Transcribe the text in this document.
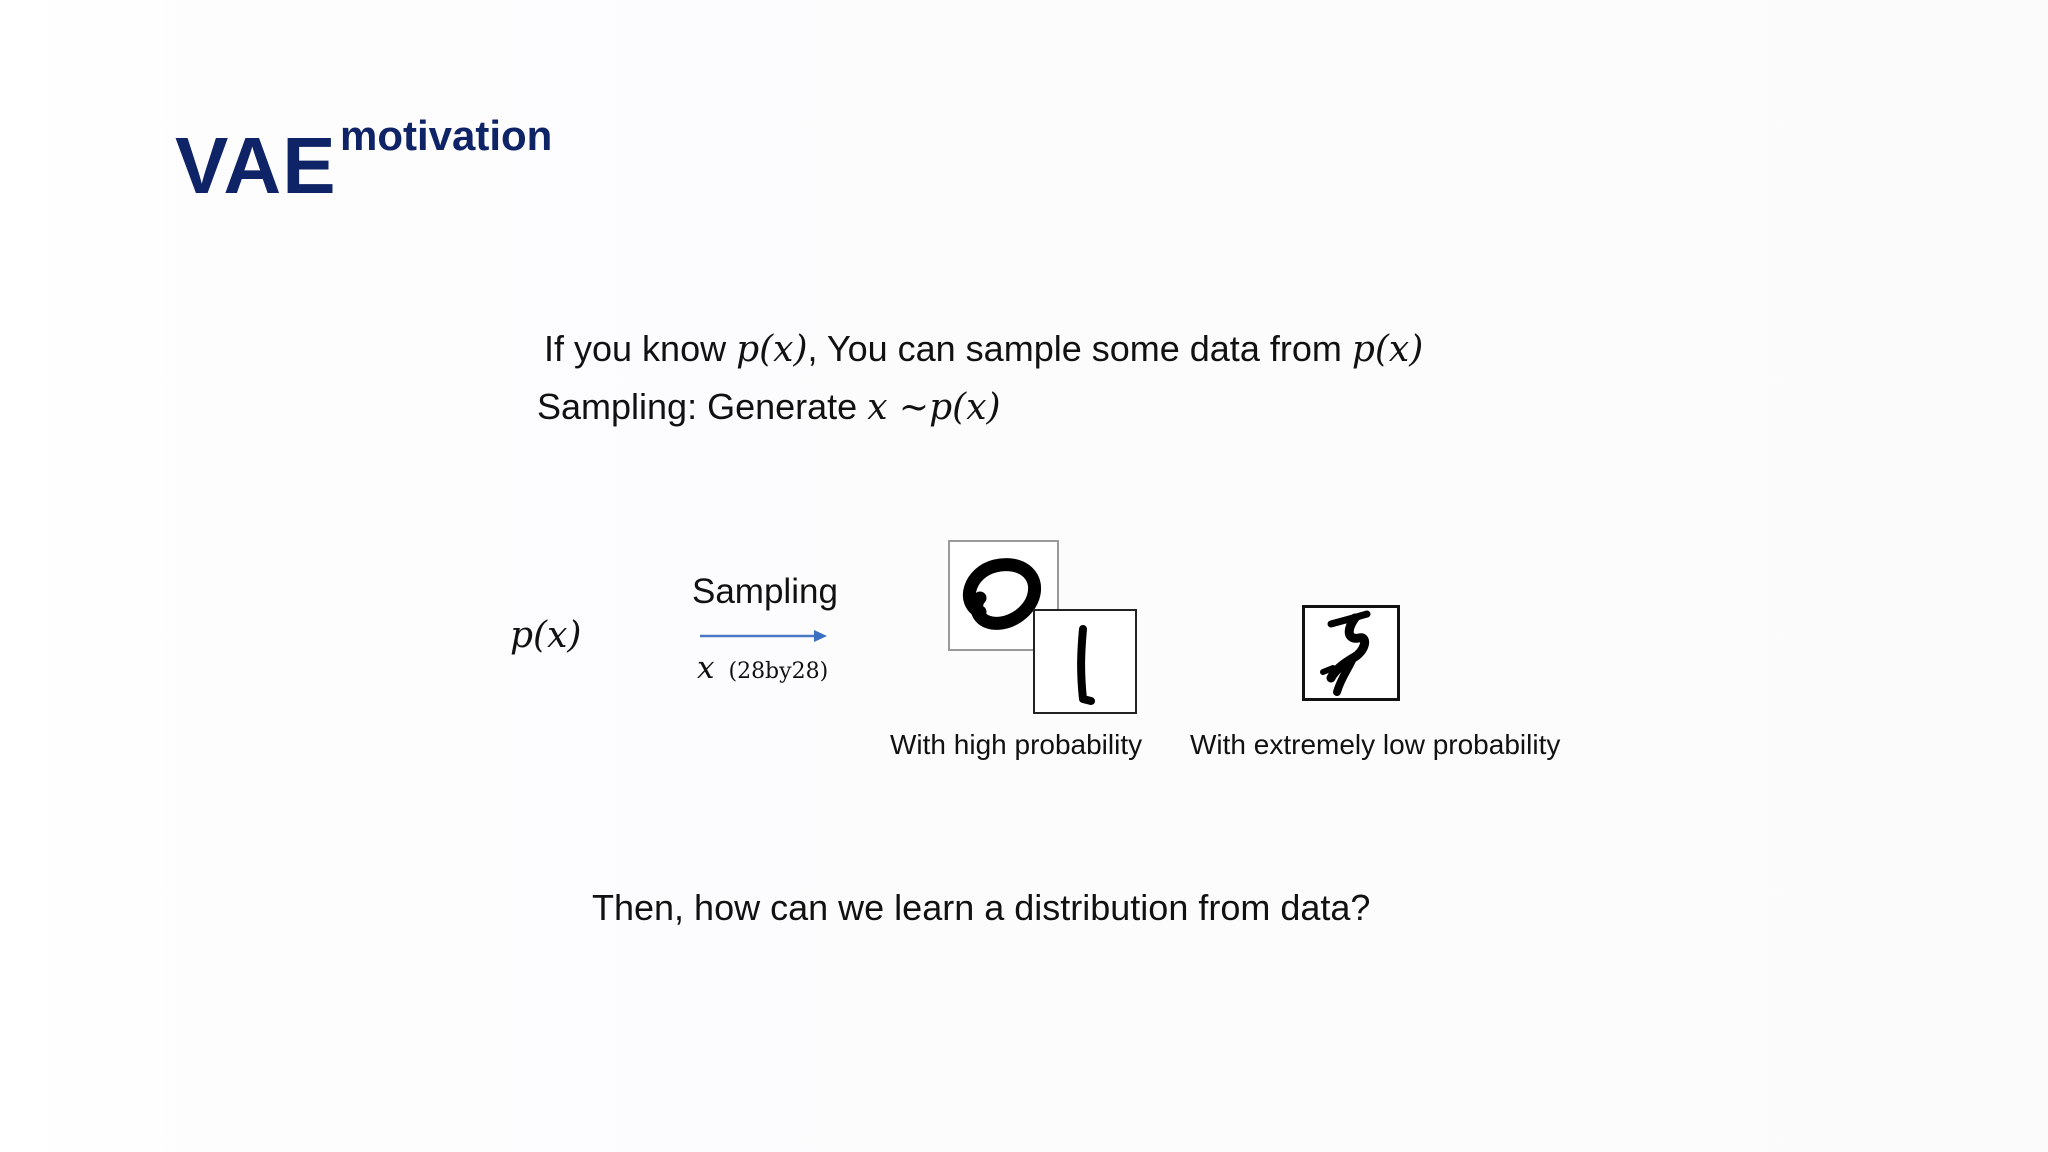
VAE motivation
If you know p(x), You can sample some data from p(x)
Sampling: Generate x ~p(x)
p(x)
Sampling
x (28by28)
With high probability With extremely low probability
Then, how can we learn a distribution from data?
